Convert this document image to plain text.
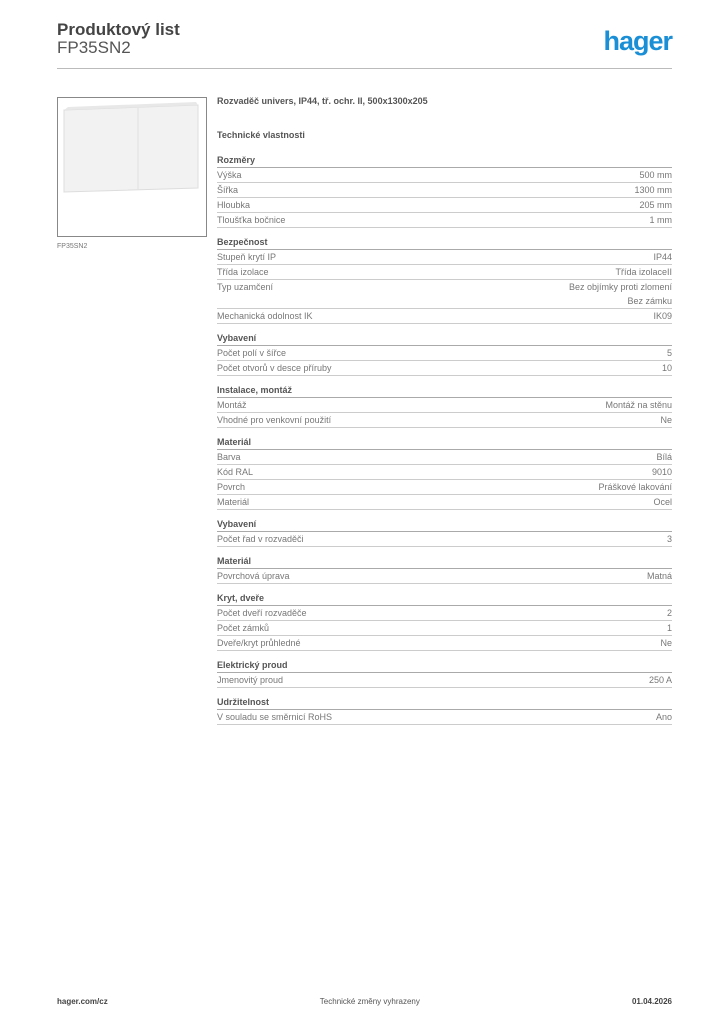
Produktový list
FP35SN2	hager
FP35SN2
Rozvaděč univers, IP44, tř. ochr. II, 500x1300x205
Technické vlastnosti
Rozměry
Výška	500 mm
Šířka	1300 mm
Hloubka	205 mm
Tloušťka bočnice	1 mm
Bezpečnost
Stupeň krytí IP	IP44
Třída izolace	Třída izolaceII
Typ uzamčení	Bez objímky proti zlomení
Bez zámku
Mechanická odolnost IK	IK09
Vybavení
Počet polí v šířce	5
Počet otvorů v desce příruby	10
Instalace, montáž
Montáž	Montáž na stěnu
Vhodné pro venkovní použití	Ne
Materiál
Barva	Bílá
Kód RAL	9010
Povrch	Práškové lakování
Materiál	Ocel
Vybavení
Počet řad v rozvaděči	3
Materiál
Povrchová úprava	Matná
Kryt, dveře
Počet dveří rozvaděče	2
Počet zámků	1
Dveře/kryt průhledné	Ne
Elektrický proud
Jmenovitý proud	250 A
Udržitelnost
V souladu se směrnicí RoHS	Ano
hager.com/cz	Technické změny vyhrazeny	01.04.2026
